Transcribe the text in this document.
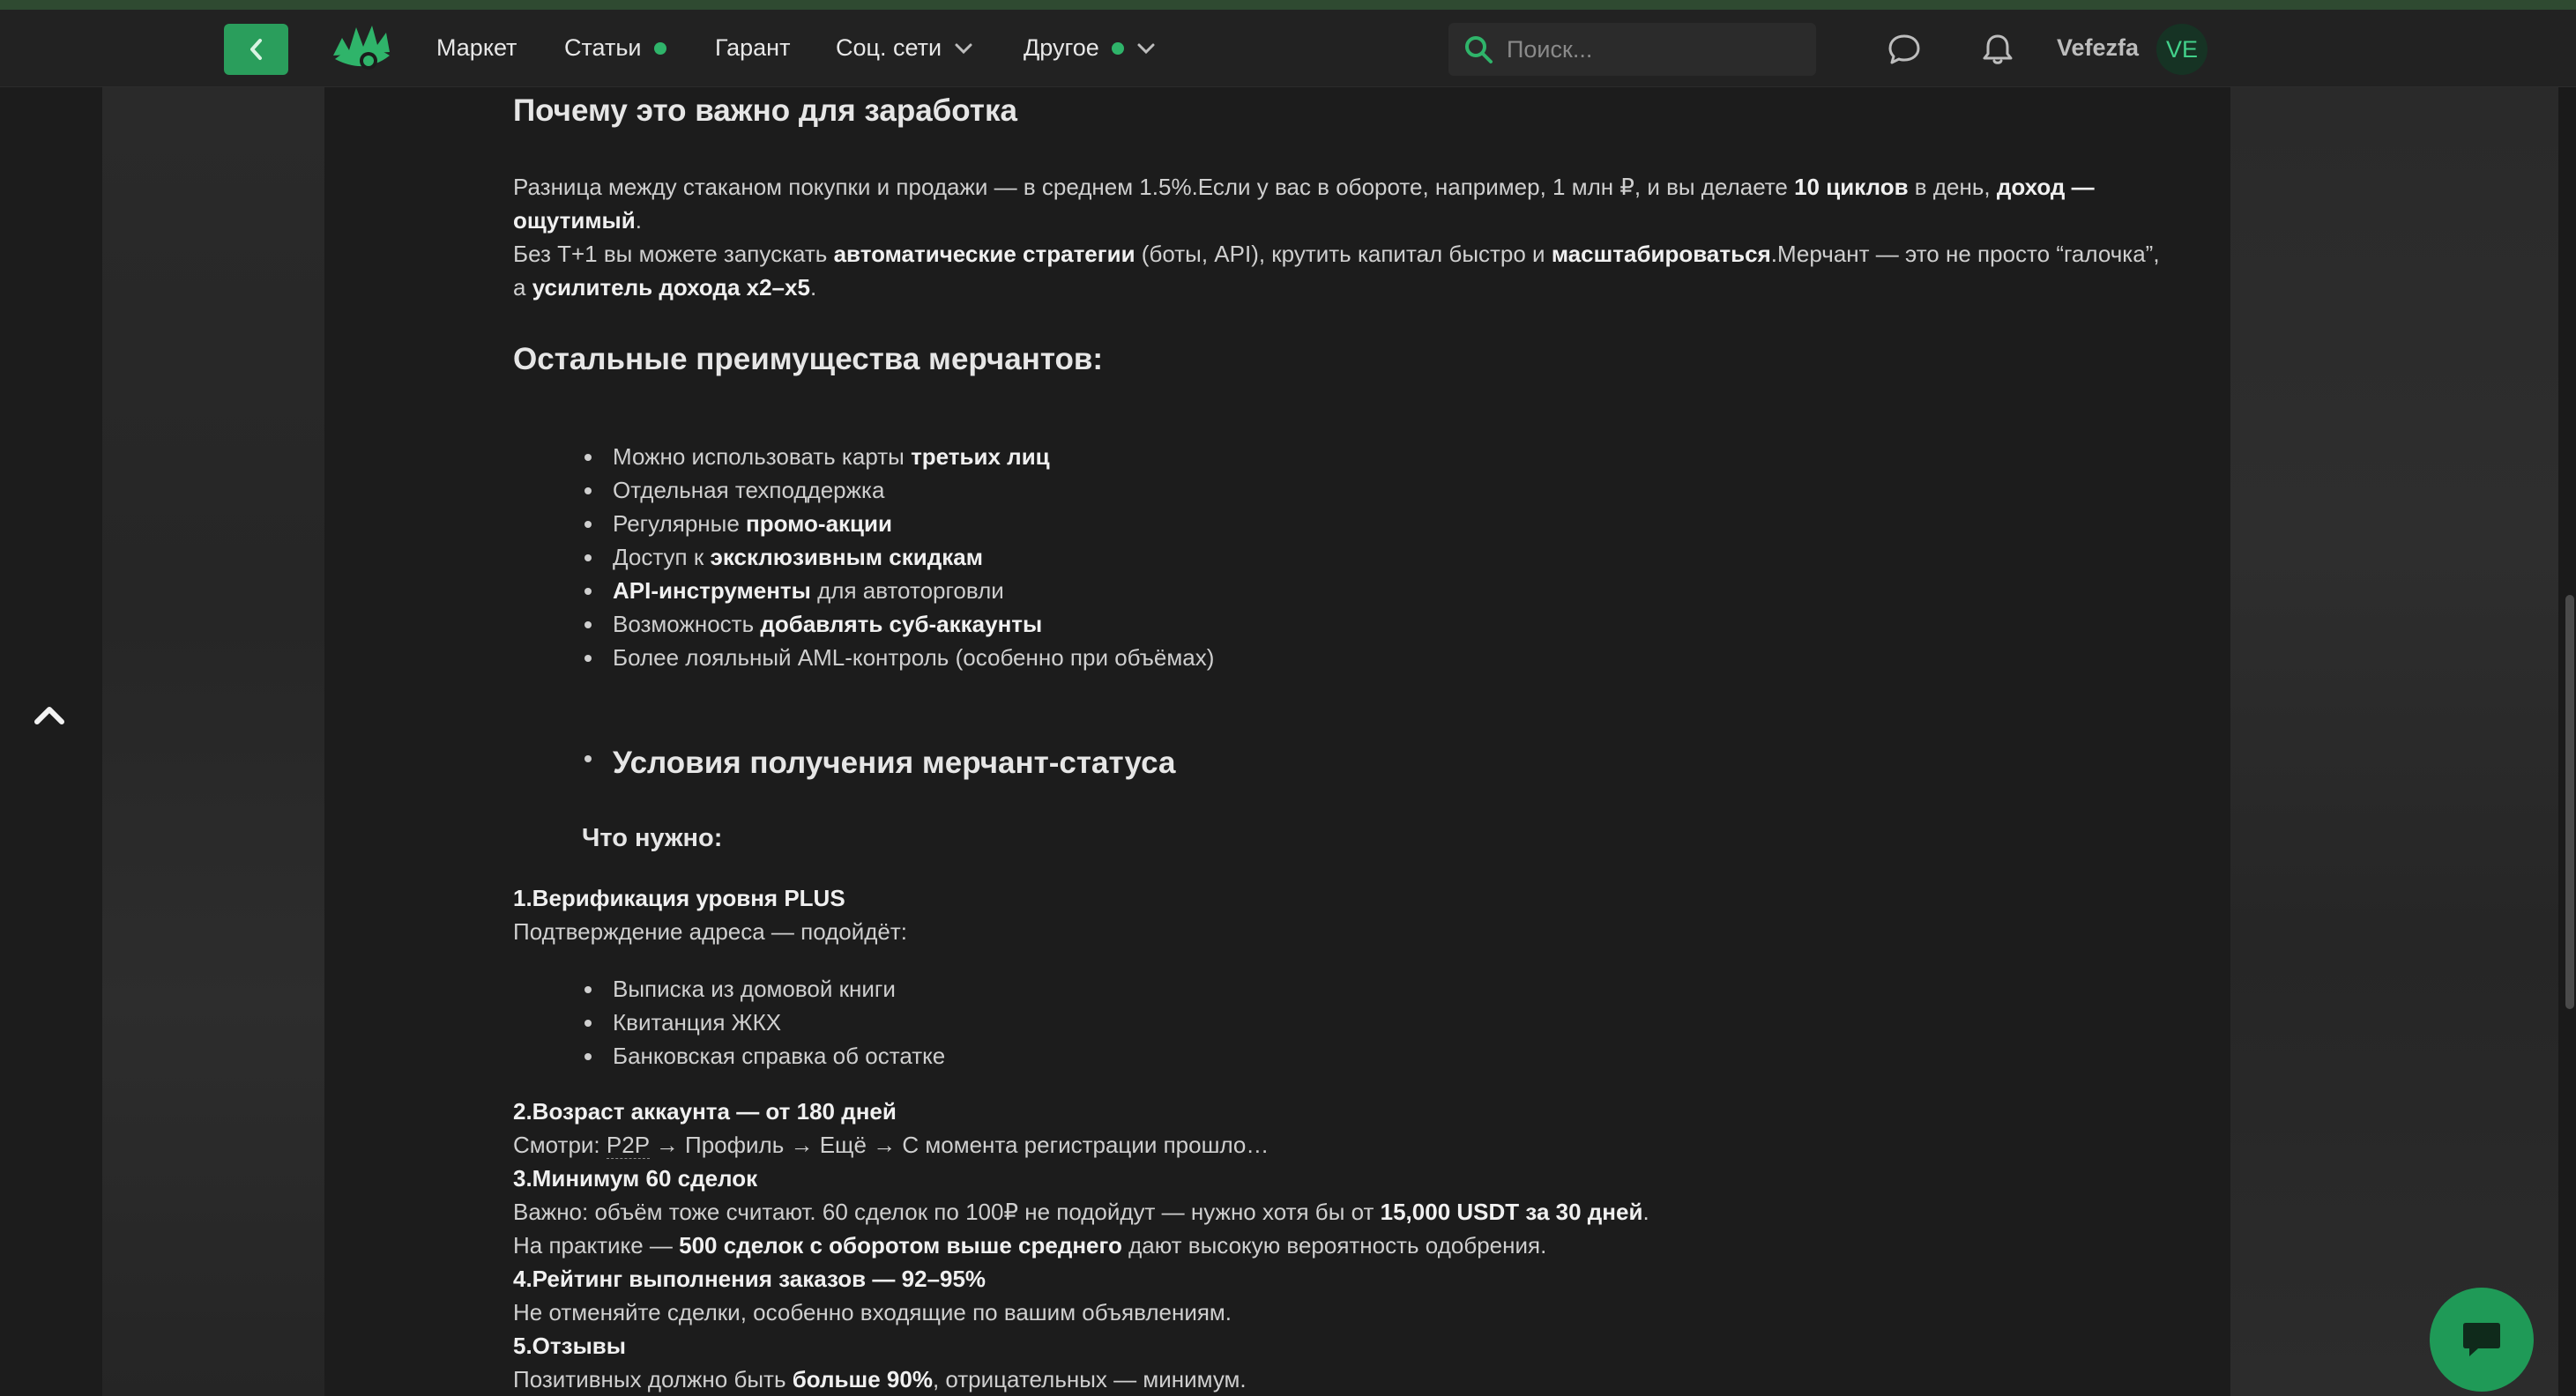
Маркет Статьи	Гарант Соц. сети	Другое
Поиск...	Vefezfa	VE
Почему это важно для заработка
Разница между стаканом покупки и продажи — в среднем 1.5%.Если у вас в обороте, например, 1 млн ₽, и вы делаете 10 циклов в день, доход — ощутимый.
Без T+1 вы можете запускать автоматические стратегии (боты, API), крутить капитал быстро и масштабироваться.Мерчант — это не просто “галочка”, а усилитель дохода x2–x5.
Остальные преимущества мерчантов:
Можно использовать карты третьих лиц
Отдельная техподдержка
Регулярные промо-акции
Доступ к эксклюзивным скидкам
API-инструменты для автоторговли
Возможность добавлять суб-аккаунты
Более лояльный AML-контроль (особенно при объёмах)
Условия получения мерчант-статуса
Что нужно:
1.Верификация уровня PLUS
Подтверждение адреса — подойдёт:
Выписка из домовой книги
Квитанция ЖКХ
Банковская справка об остатке
2.Возраст аккаунта — от 180 дней
Смотри: P2P → Профиль → Ещё → С момента регистрации прошло…
3.Минимум 60 сделок
Важно: объём тоже считают. 60 сделок по 100₽ не подойдут — нужно хотя бы от 15,000 USDT за 30 дней.
На практике — 500 сделок с оборотом выше среднего дают высокую вероятность одобрения.
4.Рейтинг выполнения заказов — 92–95%
Не отменяйте сделки, особенно входящие по вашим объявлениям.
5.Отзывы
Позитивных должно быть больше 90%, отрицательных — минимум.
